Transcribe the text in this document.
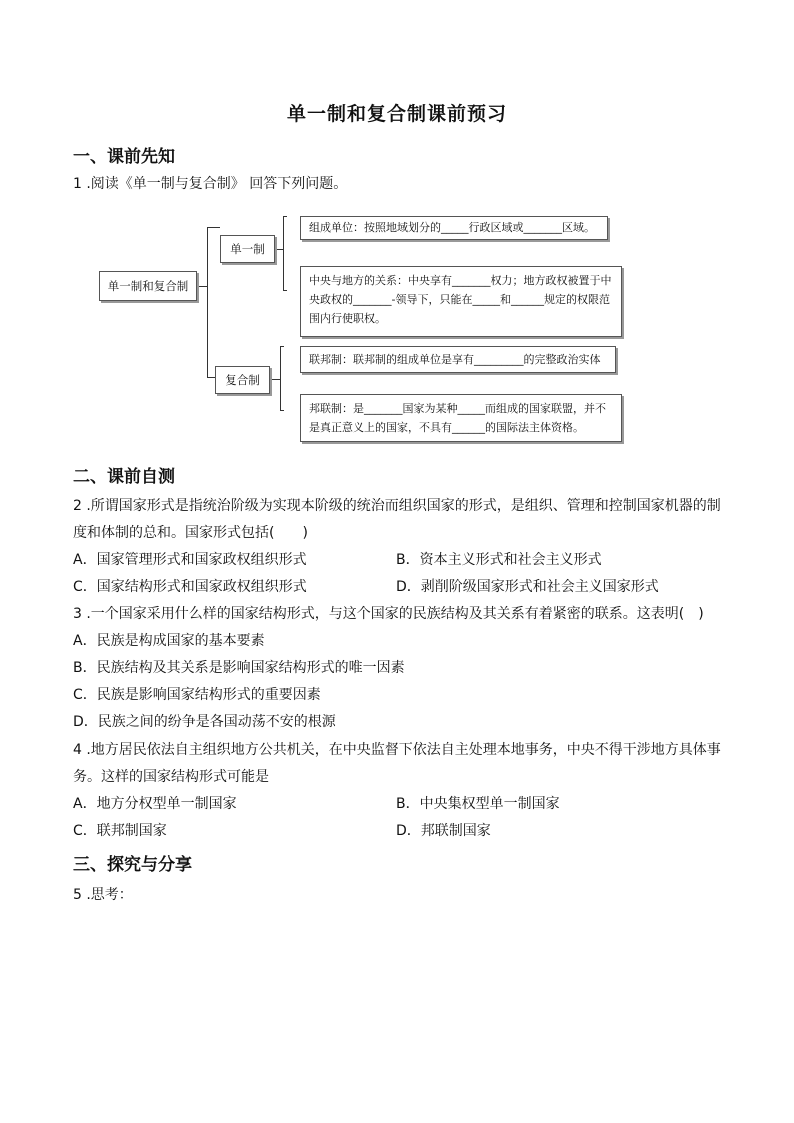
单一制和复合制课前预习
一、课前先知
1 .阅读《单一制与复合制》 回答下列问题。
单一制和复合制
单一制
复合制
组成单位：按照地域划分的_____行政区域或_______区域。
中央与地方的关系：中央享有_______权力；地方政权被置于中央政权的_______-领导下，只能在_____和______规定的权限范围内行使职权。
联邦制：联邦制的组成单位是享有_________的完整政治实体
邦联制：是_______国家为某种_____而组成的国家联盟，并不是真正意义上的国家，不具有______的国际法主体资格。
二、课前自测
2 .所谓国家形式是指统治阶级为实现本阶级的统治而组织国家的形式，是组织、管理和控制国家机器的制
度和体制的总和。国家形式包括(　　)
A．国家管理形式和国家政权组织形式	B．资本主义形式和社会主义形式
C．国家结构形式和国家政权组织形式	D．剥削阶级国家形式和社会主义国家形式
3 .一个国家采用什么样的国家结构形式，与这个国家的民族结构及其关系有着紧密的联系。这表明(　)
A．民族是构成国家的基本要素
B．民族结构及其关系是影响国家结构形式的唯一因素
C．民族是影响国家结构形式的重要因素
D．民族之间的纷争是各国动荡不安的根源
4 .地方居民依法自主组织地方公共机关，在中央监督下依法自主处理本地事务，中央不得干涉地方具体事
务。这样的国家结构形式可能是
A．地方分权型单一制国家	B．中央集权型单一制国家
C．联邦制国家	D．邦联制国家
三、探究与分享
5 .思考：
